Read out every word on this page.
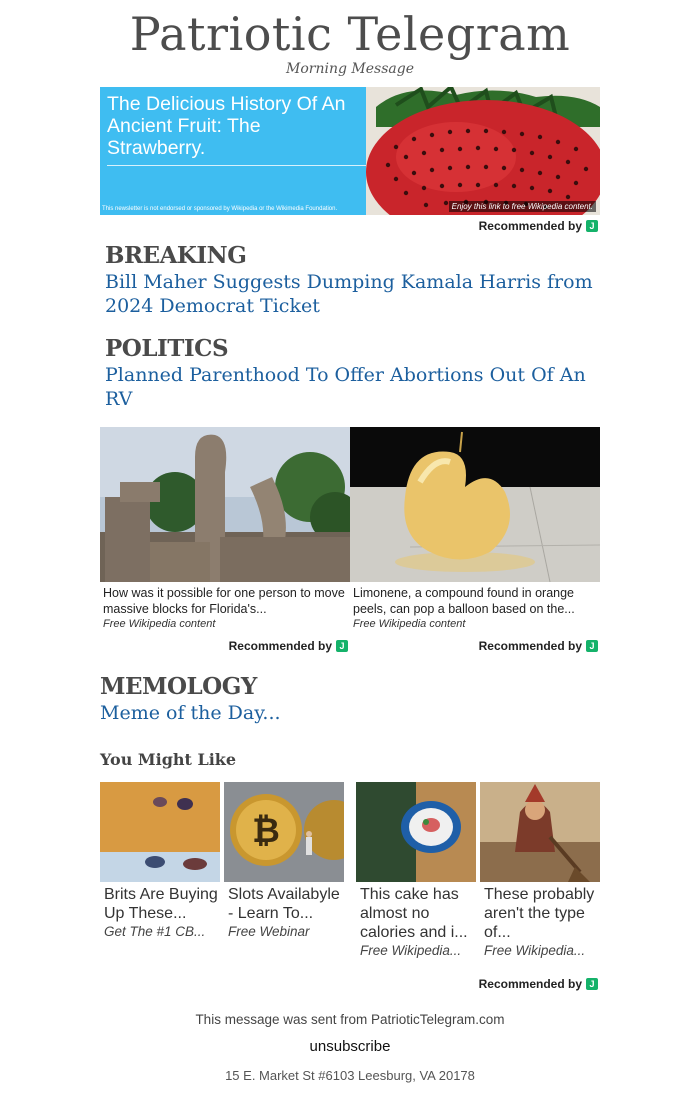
Patriotic Telegram
Morning Message
The Delicious History Of An Ancient Fruit: The Strawberry.
This newsletter is not endorsed or sponsored by Wikipedia or the Wikimedia Foundation.	Enjoy this link to free Wikipedia content.
Recommended by J
BREAKING
Bill Maher Suggests Dumping Kamala Harris from 2024 Democrat Ticket
POLITICS
Planned Parenthood To Offer Abortions Out Of An RV
How was it possible for one person to move massive blocks for Florida's...
Free Wikipedia content
Limonene, a compound found in orange peels, can pop a balloon based on the...
Free Wikipedia content
Recommended by J	Recommended by J
MEMOLOGY
Meme of the Day...
You Might Like
Brits Are Buying Up These...
Get The #1 CB...
₿
Slots Availabyle - Learn To...
Free Webinar
This cake has almost no calories and i...
Free Wikipedia...
These probably aren't the type of...
Free Wikipedia...
Recommended by J
This message was sent from PatrioticTelegram.com
unsubscribe
15 E. Market St #6103 Leesburg, VA 20178
